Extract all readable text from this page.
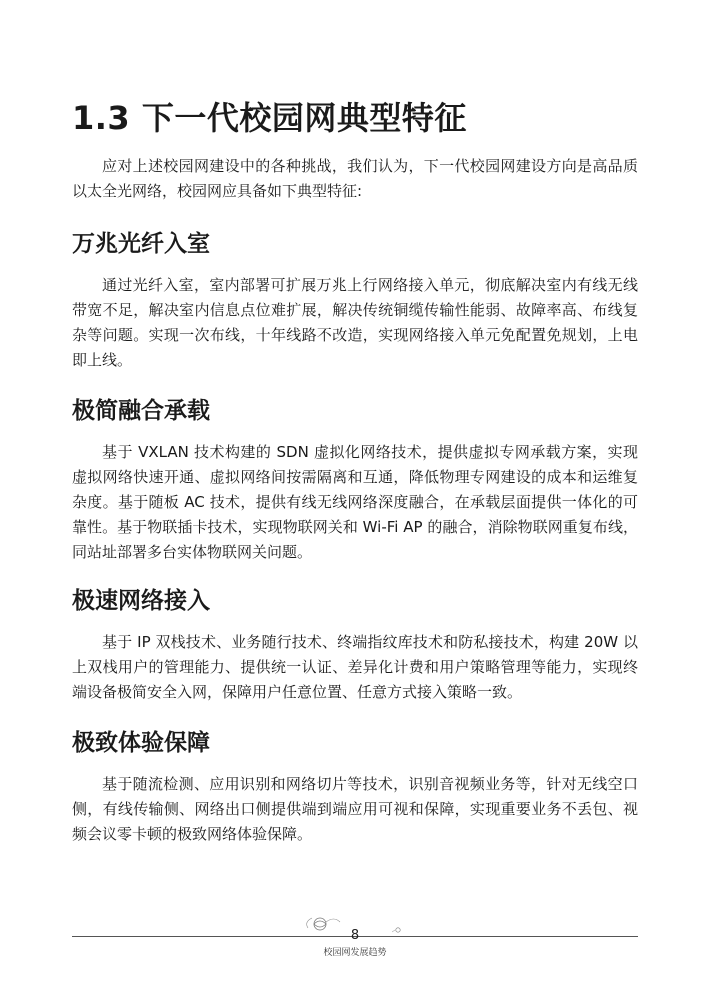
1.3 下一代校园网典型特征

应对上述校园网建设中的各种挑战，我们认为，下一代校园网建设方向是高品质以太全光网络，校园网应具备如下典型特征:

万兆光纤入室

通过光纤入室，室内部署可扩展万兆上行网络接入单元，彻底解决室内有线无线带宽不足，解决室内信息点位难扩展，解决传统铜缆传输性能弱、故障率高、布线复杂等问题。实现一次布线，十年线路不改造，实现网络接入单元免配置免规划，上电即上线。

极简融合承载

基于 VXLAN 技术构建的 SDN 虚拟化网络技术，提供虚拟专网承载方案，实现虚拟网络快速开通、虚拟网络间按需隔离和互通，降低物理专网建设的成本和运维复杂度。基于随板 AC 技术，提供有线无线网络深度融合，在承载层面提供一体化的可靠性。基于物联插卡技术，实现物联网关和 Wi-Fi AP 的融合，消除物联网重复布线，同站址部署多台实体物联网关问题。

极速网络接入

基于 IP 双栈技术、业务随行技术、终端指纹库技术和防私接技术，构建 20W 以上双栈用户的管理能力、提供统一认证、差异化计费和用户策略管理等能力，实现终端设备极简安全入网，保障用户任意位置、任意方式接入策略一致。

极致体验保障

基于随流检测、应用识别和网络切片等技术，识别音视频业务等，针对无线空口侧，有线传输侧、网络出口侧提供端到端应用可视和保障，实现重要业务不丢包、视频会议零卡顿的极致网络体验保障。

8
校园网发展趋势
